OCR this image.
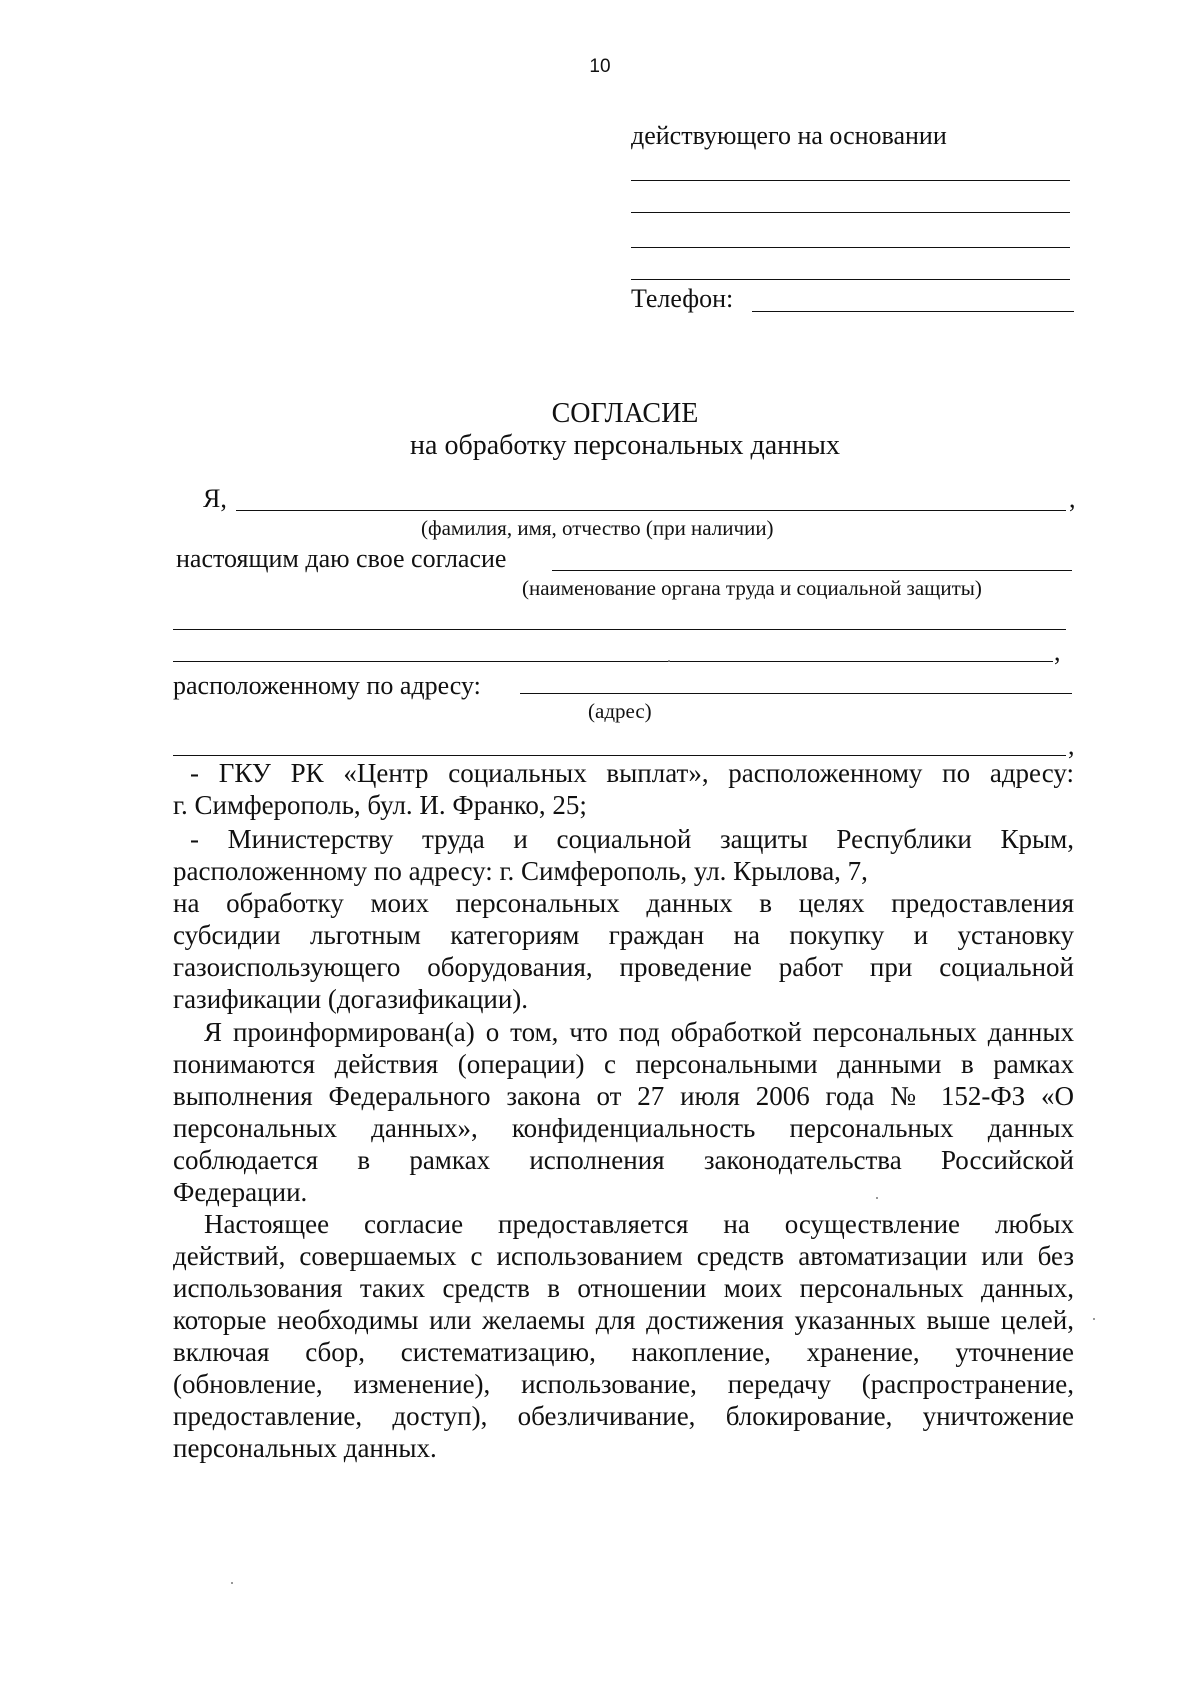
10
действующего на основании
Телефон:
СОГЛАСИЕ
на обработку персональных данных
Я,	,
(фамилия, имя, отчество (при наличии)
настоящим даю свое согласие
(наименование органа труда и социальной защиты)
,
расположенному по адресу:
(адрес)
,
- ГКУ РК «Центр социальных выплат», расположенному по адресу:
г. Симферополь, бул. И. Франко, 25;
- Министерству труда и социальной защиты Республики Крым,
расположенному по адресу: г. Симферополь, ул. Крылова, 7,
на обработку моих персональных данных в целях предоставления
субсидии льготным категориям граждан на покупку и установку
газоиспользующего оборудования, проведение работ при социальной
газификации (догазификации).
Я проинформирован(а) о том, что под обработкой персональных данных
понимаются действия (операции) с персональными данными в рамках
выполнения Федерального закона от 27 июля 2006 года № 152-ФЗ «О
персональных данных», конфиденциальность персональных данных
соблюдается в рамках исполнения законодательства Российской
Федерации.
Настоящее согласие предоставляется на осуществление любых
действий, совершаемых с использованием средств автоматизации или без
использования таких средств в отношении моих персональных данных,
которые необходимы или желаемы для достижения указанных выше целей,
включая сбор, систематизацию, накопление, хранение, уточнение
(обновление, изменение), использование, передачу (распространение,
предоставление, доступ), обезличивание, блокирование, уничтожение
персональных данных.
